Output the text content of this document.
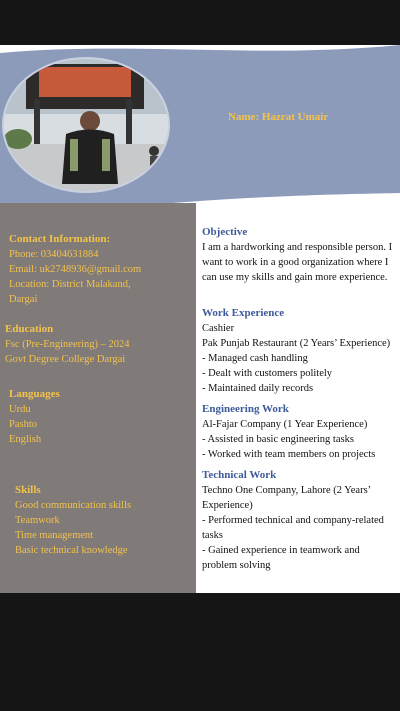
Name: Hazrat Umair
Contact Information:
Phone: 03404631884
Email: uk2748936@gmail.com
Location: District Malakand,
Dargai
Education
Fsc (Pre-Engineering) – 2024
Govt Degree College Dargai
Languages
Urdu
Pashto
English
Skills
Good communication skills
Teamwork
Time management
Basic technical knowledge
Objective
I am a hardworking and responsible person. I
want to work in a good organization where I
can use my skills and gain more experience.
Work Experience
Cashier
Pak Punjab Restaurant (2 Years’ Experience)
- Managed cash handling
- Dealt with customers politely
- Maintained daily records
Engineering Work
Al-Fajar Company (1 Year Experience)
- Assisted in basic engineering tasks
- Worked with team members on projects
Technical Work
Techno One Company, Lahore (2 Years’
Experience)
- Performed technical and company-related
tasks
- Gained experience in teamwork and
problem solving
